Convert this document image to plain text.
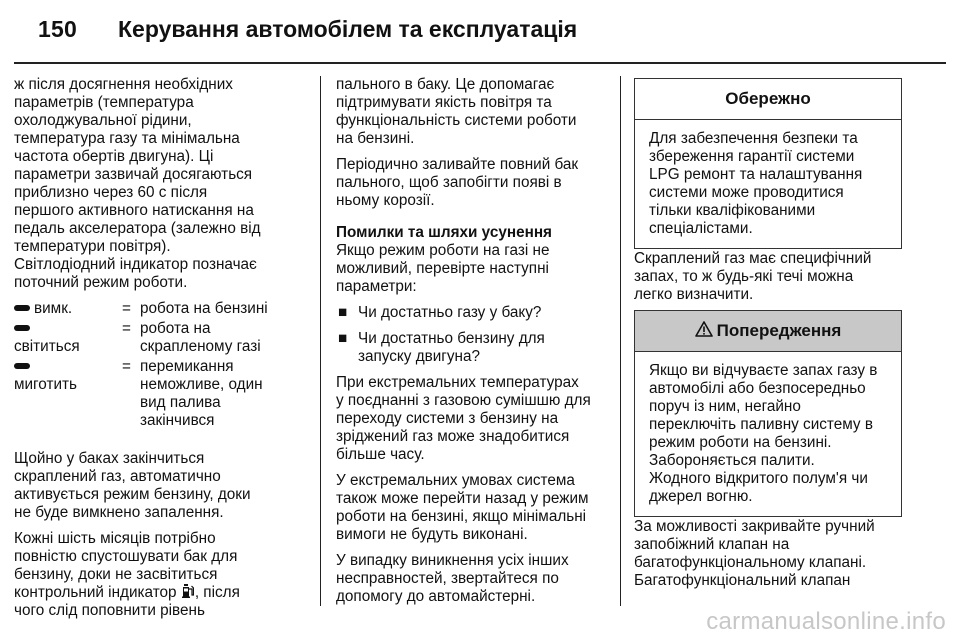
150 Керування автомобілем та експлуатація

ж після досягнення необхідних
параметрів (температура
охолоджувальної рідини,
температура газу та мінімальна
частота обертів двигуна). Ці
параметри зазвичай досягаються
приблизно через 60 с після
першого активного натискання на
педаль акселератора (залежно від
температури повітря).
Світлодіодний індикатор позначає
поточний режим роботи.

вимк.	= робота на бензині

світиться
= робота на
скрапленому газі

миготить
= перемикання
неможливе, один
вид палива
закінчився

Щойно у баках закінчиться
скраплений газ, автоматично
активується режим бензину, доки
не буде вимкнено запалення.

Кожні шість місяців потрібно
повністю спустошувати бак для
бензину, доки не засвітиться
контрольний індикатор , після
чого слід поповнити рівень

пального в баку. Це допомагає
підтримувати якість повітря та
функціональність системи роботи
на бензині.

Періодично заливайте повний бак
пального, щоб запобігти появі в
ньому корозії.

Помилки та шляхи усунення

Якщо режим роботи на газі не
можливий, перевірте наступні
параметри:

■ Чи достатньо газу у баку?
■ Чи достатньо бензину для
запуску двигуна?

При екстремальних температурах
у поєднанні з газовою сумішшю для
переходу системи з бензину на
зріджений газ може знадобитися
більше часу.

У екстремальних умовах система
також може перейти назад у режим
роботи на бензині, якщо мінімальні
вимоги не будуть виконані.

У випадку виникнення усіх інших
несправностей, звертайтеся по
допомогу до автомайстерні.

Обережно
Для забезпечення безпеки та
збереження гарантії системи
LPG ремонт та налаштування
системи може проводитися
тільки кваліфікованими
спеціалістами.
Скраплений газ має специфічний
запах, то ж будь-які течі можна
легко визначити.
Попередження
Якщо ви відчуваєте запах газу в
автомобілі або безпосередньо
поруч із ним, негайно
переключіть паливну систему в
режим роботи на бензині.
Забороняється палити.
Жодного відкритого полум'я чи
джерел вогню.
За можливості закривайте ручний
запобіжний клапан на
багатофункціональному клапані.
Багатофункціональний клапан
carmanualsonline.info
